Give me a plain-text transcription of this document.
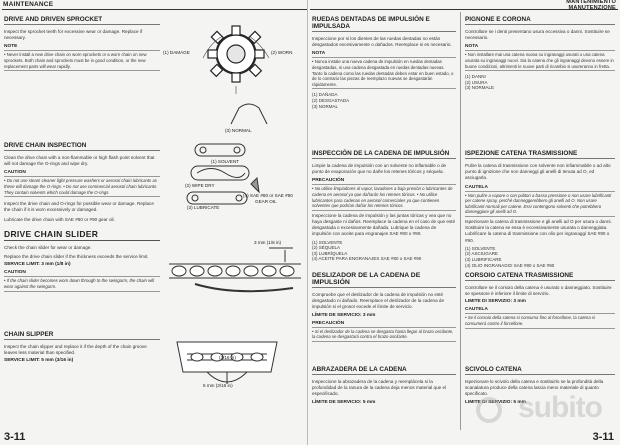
MAINTENANCE	MANTENIMIENTO
MANUTENZIONE
DRIVE AND DRIVEN SPROCKET
Inspect the sprocket teeth for excessive wear or damage. Replace if necessary.
NOTE
• Never install a new drive chain on worn sprockets or a worn chain on new sprockets. Both chain and sprockets must be in good condition, or the new replacement parts will wear rapidly.
DRIVE CHAIN INSPECTION
Clean the drive chain with a non-flammable or high flash point solvent that will not damage the O-rings and wipe dry.
CAUTION
• Do not use steam cleaner light pressure washers or aerosol chain lubricants as these will damage the O-rings. • Do not use commercial aerosol chain lubricants. They contain solvents which could damage the O-rings.
Inspect the drive chain and O-rings for possible wear or damage. Replace the chain if it is worn excessively or damaged.
Lubricate the drive chain with SAE #80 or #90 gear oil.
DRIVE CHAIN SLIDER
Check the chain slider for wear or damage.
Replace the drive chain slider if the thickness exceeds the service limit.
SERVICE LIMIT: 3 mm (1/8 in)
CAUTION
• If the chain slider becomes worn down through to the swingarm, the chain will wear against the swingarm.
CHAIN SLIPPER
Inspect the chain slipper and replace it if the depth of the chain groove leaves less material than specified.
SERVICE LIMIT: 5 mm (3/16 in)
(1) DAMAGE	(2) WORN
(3) NORMAL
(1) SOLVENT
(2) WIPE DRY
(3) LUBRICATE
(4) SAE #80 or SAE #90
GEAR OIL
3 mm (1/8 in)
(3/16 in)
5 mm (3/16 in)
3-11
RUEDAS DENTADAS DE IMPULSIÓN E IMPULSADA
Inspeccione por si los dientes de las ruedas dentadas no están desgastados excesivamente o dañados. Reemplace si es necesario.
NOTA
• Nunca instale una nueva cadena de impulsión en ruedas dentadas desgastadas, ni una cadena desgastada en ruedas dentadas nuevas. Tanto la cadena como las ruedas dentadas deben estar en buen estado, o de lo contrario las piezas de reemplazo nuevas se desgastarán rápidamente.
(1) DAÑADA
(2) DESGASTADA
(3) NORMAL
INSPECCIÓN DE LA CADENA DE IMPULSIÓN
Limpie la cadena de impulsión con un solvente no inflamable o de punto de evaporación que no dañe los retenes tóricos y séquela.
PRECAUCIÓN
• No utilice limpiadores al vapor, lavadores a baja presión o lubricantes de cadena en aerosol ya que dañarán los retenes tóricos. • No utilice lubricantes para cadenas en aerosol comerciales ya que contienen solventes que podrían dañar los retenes tóricos.
Inspeccione la cadena de impulsión y las juntas tóricas y vea que no haya desgaste ni daños. Reemplace la cadena en el caso de que esté desgastada o excesivamente dañada. Lubrique la cadena de impulsión con aceite para engranajes SAE #80 o #90.
(1) SOLVENTE
(2) SÉQUELA
(3) LUBRÍQUELA
(4) ACEITE PARA ENGRANAJES SAE #80 o SAE #90
DESLIZADOR DE LA CADENA DE IMPULSIÓN
Compruebe que el deslizador de la cadena de impulsión no esté desgastado ni dañado. Reemplace el deslizador de la cadena de impulsión si el grosor excede el límite de servicio.
LÍMITE DE SERVICIO: 3 mm
PRECAUCIÓN
• Si el deslizador de la cadena se desgasta hasta llegar al brazo oscilante, la cadena se desgastará contra el brazo oscilante.
ABRAZADERA DE LA CADENA
Inspeccione la abrazadera de la cadena y reemplácela si la profundidad de la ranura de la cadena deja menos material que el especificado.
LÍMITE DE SERVICIO: 5 mm
PIGNONE E CORONA
Controllare se i denti presentano usura eccessiva o danni. Sostituire se necessario.
NOTA
• Non installare mai una catena nuova su ingranaggi usurati o una catena usurata su ingranaggi nuovi. Sia la catena che gli ingranaggi devono essere in buone condizioni, altrimenti le nuove parti di ricambio si usureranno in fretta.
(1) DANNI
(2) USURA
(3) NORMALE
ISPEZIONE CATENA TRASMISSIONE
Pulire la catena di trasmissione con solvente non infiammabile o ad alto punto di ignizione che non danneggi gli anelli di tenuta ad O, ed asciugarla.
CAUTELA
• Non pulire a vapore o con pulitori a bassa pressione o non usare lubrificanti per catene spray, perché danneggerebbero gli anelli ad O. Non usare lubrificanti normali per catene. Essi contengono solventi che potrebbero danneggiare gli anelli ad O.
Ispezionare la catena di trasmissione e gli anelli ad O per usura o danni. Sostituire la catena se essa è eccessivamente usurata o danneggiata. Lubrificare la catena di trasmissione con olio per ingranaggi SAE #80 o #90.
(1) SOLVENTE
(2) ASCIUGARE
(3) LUBRIFICARE
(4) OLIO INGRANAGGI SAE #80 o SAE #90
CORSOIO CATENA TRASMISSIONE
Controllare se il corsoio della catena è usurato o danneggiato. Sostituire se spessore è inferiore il limite di servizio.
LIMITE DI SERVIZIO: 3 mm
CAUTELA
• Se il corsoio della catena si consuma fino al forcellone, la catena si consumerà contro il forcellone.
SCIVOLO CATENA
Ispezionare lo scivolo della catena e sostituirlo se la profondità della scanalatura produce della catena lascia meno materiale di quanto specificato.
LIMITE DI SERVIZIO: 5 mm
3-11
subito
